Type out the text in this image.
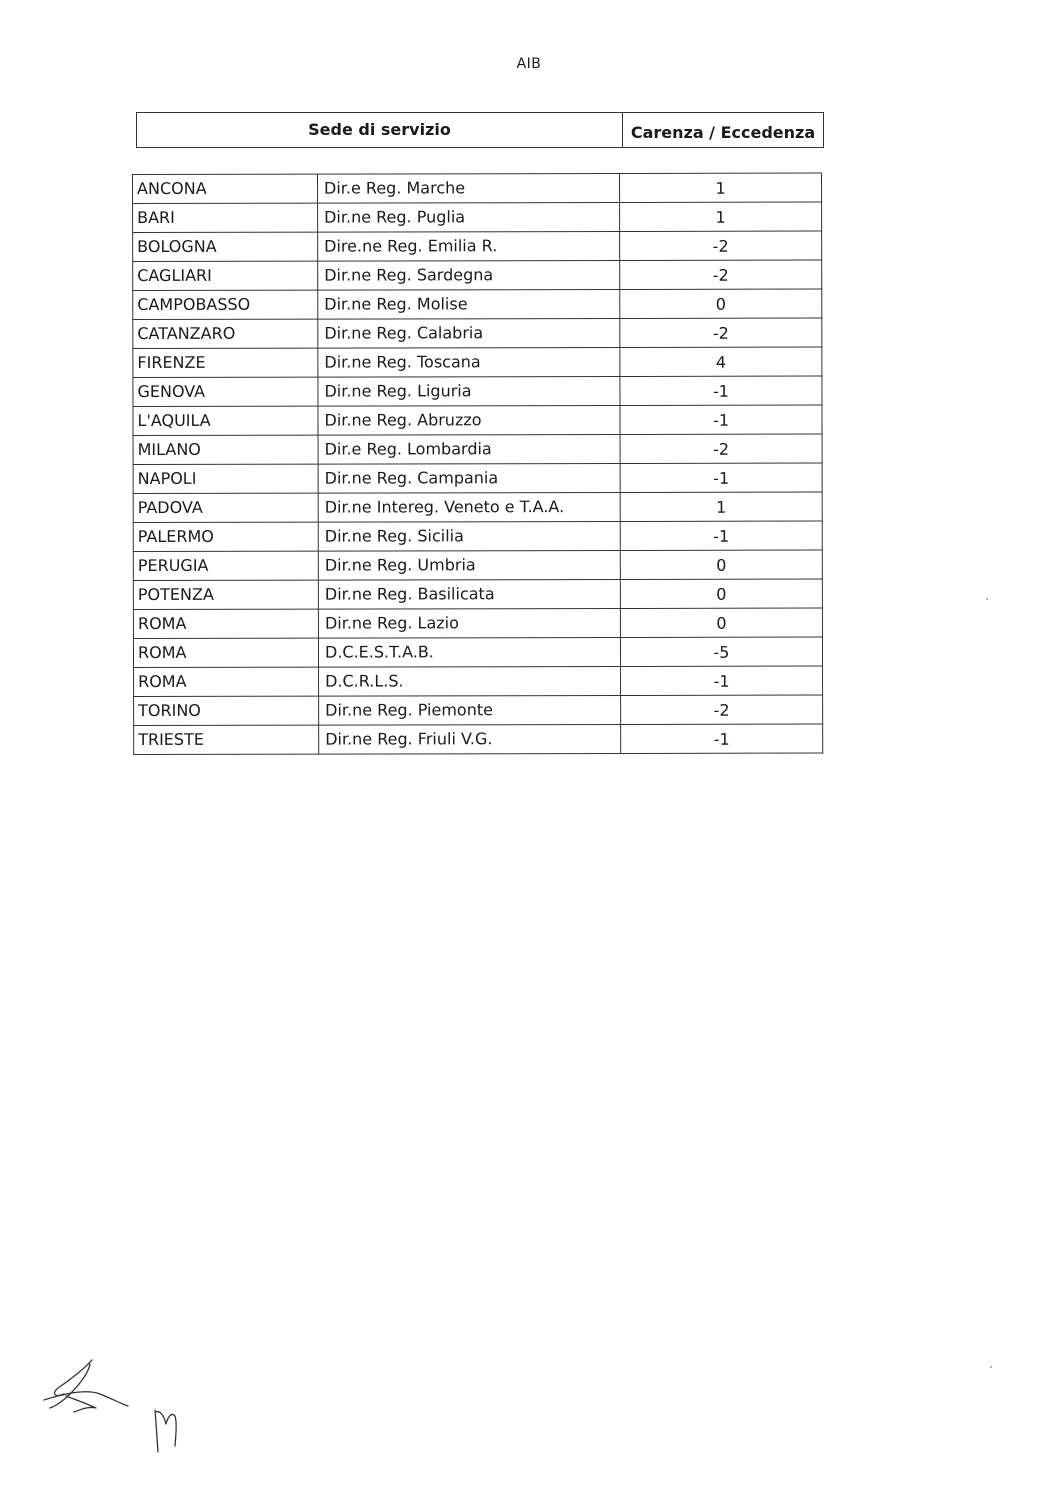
AIB
Sede di servizio	Carenza / Eccedenza
ANCONA	Dir.e Reg. Marche	1
BARI	Dir.ne Reg. Puglia	1
BOLOGNA	Dire.ne Reg. Emilia R.	-2
CAGLIARI	Dir.ne Reg. Sardegna	-2
CAMPOBASSO	Dir.ne Reg. Molise	0
CATANZARO	Dir.ne Reg. Calabria	-2
FIRENZE	Dir.ne Reg. Toscana	4
GENOVA	Dir.ne Reg. Liguria	-1
L'AQUILA	Dir.ne Reg. Abruzzo	-1
MILANO	Dir.e Reg. Lombardia	-2
NAPOLI	Dir.ne Reg. Campania	-1
PADOVA	Dir.ne Intereg. Veneto e T.A.A.	1
PALERMO	Dir.ne Reg. Sicilia	-1
PERUGIA	Dir.ne Reg. Umbria	0
POTENZA	Dir.ne Reg. Basilicata	0
ROMA	Dir.ne Reg. Lazio	0
ROMA	D.C.E.S.T.A.B.	-5
ROMA	D.C.R.L.S.	-1
TORINO	Dir.ne Reg. Piemonte	-2
TRIESTE	Dir.ne Reg. Friuli V.G.	-1
